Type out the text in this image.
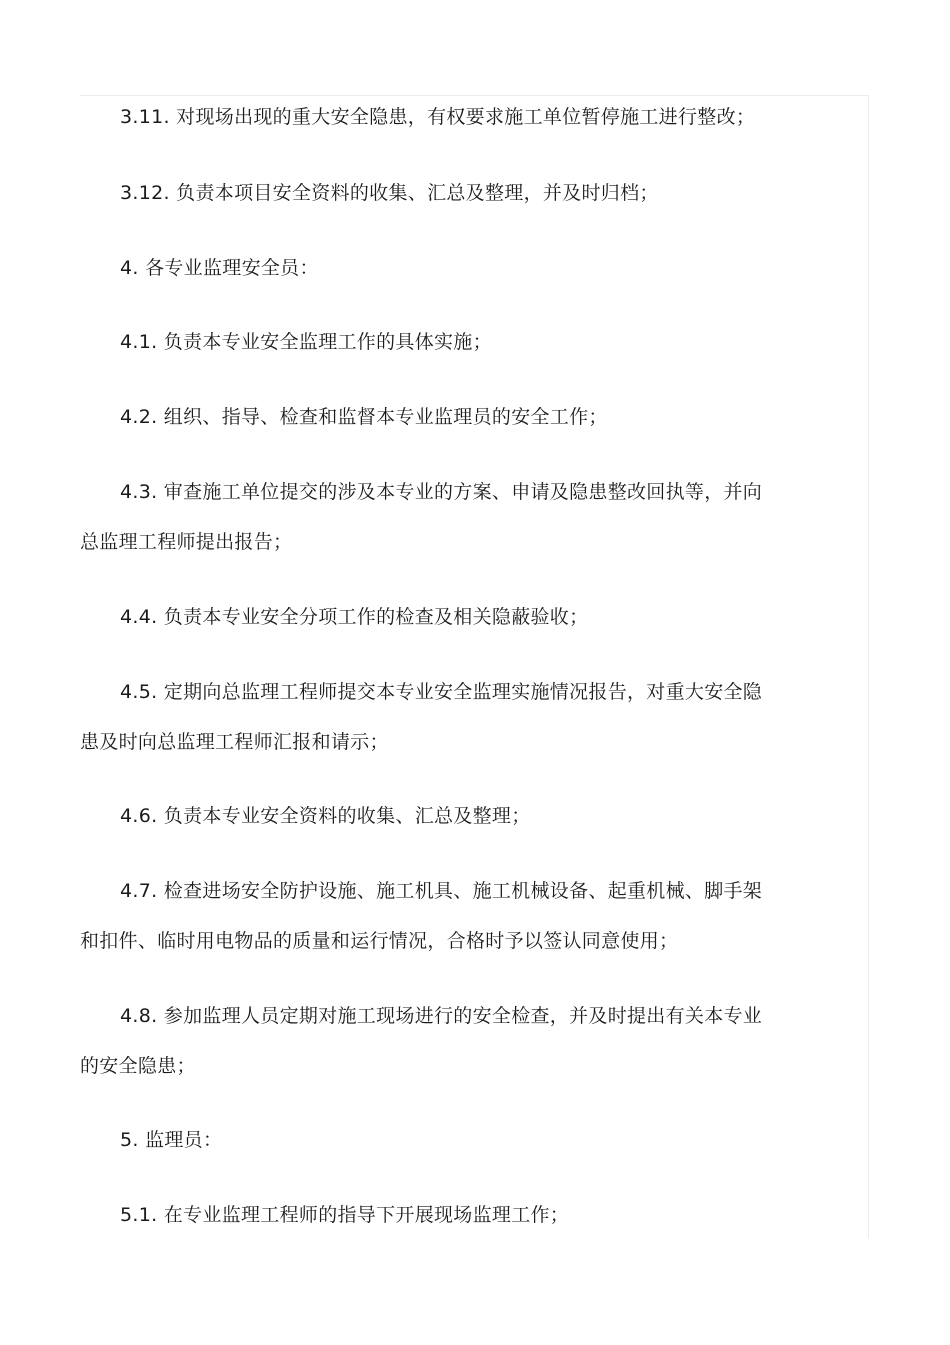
3.11. 对现场出现的重大安全隐患，有权要求施工单位暂停施工进行整改；

3.12. 负责本项目安全资料的收集、汇总及整理，并及时归档；

4. 各专业监理安全员：

4.1. 负责本专业安全监理工作的具体实施；

4.2. 组织、指导、检查和监督本专业监理员的安全工作；

4.3. 审查施工单位提交的涉及本专业的方案、申请及隐患整改回执等，并向
总监理工程师提出报告；

4.4. 负责本专业安全分项工作的检查及相关隐蔽验收；

4.5. 定期向总监理工程师提交本专业安全监理实施情况报告，对重大安全隐
患及时向总监理工程师汇报和请示；

4.6. 负责本专业安全资料的收集、汇总及整理；

4.7. 检查进场安全防护设施、施工机具、施工机械设备、起重机械、脚手架
和扣件、临时用电物品的质量和运行情况，合格时予以签认同意使用；

4.8. 参加监理人员定期对施工现场进行的安全检查，并及时提出有关本专业
的安全隐患；

5. 监理员：

5.1. 在专业监理工程师的指导下开展现场监理工作；
